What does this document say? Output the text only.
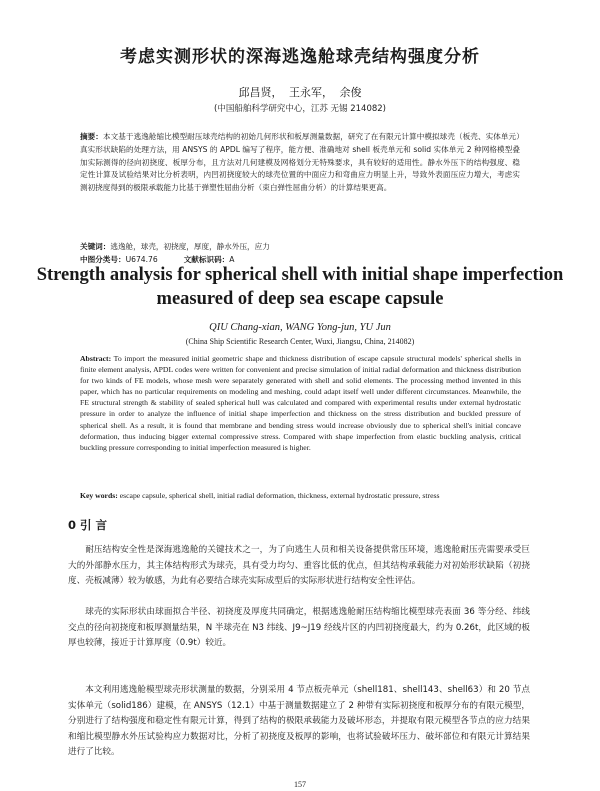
考虑实测形状的深海逃逸舱球壳结构强度分析
邱昌贤， 王永军， 余俊
(中国船舶科学研究中心，江苏 无锡 214082)
摘要：本文基于逃逸舱缩比模型耐压球壳结构的初始几何形状和板厚测量数据，研究了在有限元计算中模拟球壳（板壳、实体单元）真实形状缺陷的处理方法，用 ANSYS 的 APDL 编写了程序，能方便、准确地对 shell 板壳单元和 solid 实体单元 2 种网格模型叠加实际测得的径向初挠度、板厚分布，且方法对几何建模及网格划分无特殊要求，具有较好的适用性。静水外压下的结构强度、稳定性计算及试验结果对比分析表明，内凹初挠度较大的球壳位置的中面应力和弯曲应力明显上升，导致外表面压应力增大，考虑实测初挠度得到的极限承载能力比基于弹塑性屈曲分析（束白弹性屈曲分析）的计算结果更高。
关键词：逃逸舱，球壳，初挠度，厚度，静水外压，应力
中图分类号：U674.76	文献标识码：A
Strength analysis for spherical shell with initial shape imperfection measured of deep sea escape capsule
QIU Chang-xian, WANG Yong-jun, YU Jun
(China Ship Scientific Research Center, Wuxi, Jiangsu, China, 214082)
Abstract: To import the measured initial geometric shape and thickness distribution of escape capsule structural models' spherical shells in finite element analysis, APDL codes were written for convenient and precise simulation of initial radial deformation and thickness distribution for two kinds of FE models, whose mesh were separately generated with shell and solid elements. The processing method invented in this paper, which has no particular requirements on modeling and meshing, could adapt itself well under different circumstances. Meanwhile, the FE structural strength & stability of sealed spherical hull was calculated and compared with experimental results under external hydrostatic pressure in order to analyze the influence of initial shape imperfection and thickness on the stress distribution and buckled pressure of spherical shell. As a result, it is found that membrane and bending stress would increase obviously due to spherical shell's initial concave deformation, thus inducing bigger external compressive stress. Compared with shape imperfection from elastic buckling analysis, critical buckling pressure corresponding to initial imperfection measured is higher.
Key words: escape capsule, spherical shell, initial radial deformation, thickness, external hydrostatic pressure, stress
0 引 言
耐压结构安全性是深海逃逸舱的关键技术之一，为了向逃生人员和相关设备提供常压环境，逃逸舱耐压壳需要承受巨大的外部静水压力，其主体结构形式为球壳，具有受力均匀、重容比低的优点，但其结构承载能力对初始形状缺陷（初挠度、壳板减薄）较为敏感，为此有必要结合球壳实际成型后的实际形状进行结构安全性评估。
球壳的实际形状由球面拟合半径、初挠度及厚度共同确定，根据逃逸舱耐压结构缩比模型球壳表面 36 等分经、纬线交点的径向初挠度和板厚测量结果，N 半球壳在 N3 纬线、J9~J19 经线片区的内凹初挠度最大，约为 0.26t，此区域的板厚也较薄，接近于计算厚度（0.9t）较近。
本文利用逃逸舱模型球壳形状测量的数据，分别采用 4 节点板壳单元（shell181、shell143、shell63）和 20 节点实体单元（solid186）建模，在 ANSYS（12.1）中基于测量数据建立了 2 种带有实际初挠度和板厚分布的有限元模型，分别进行了结构强度和稳定性有限元计算，得到了结构的极限承载能力及破坏形态，并提取有限元模型各节点的应力结果和缩比模型静水外压试验构应力数据对比，分析了初挠度及板厚的影响，也将试验破坏压力、破坏部位和有限元计算结果进行了比较。
157
